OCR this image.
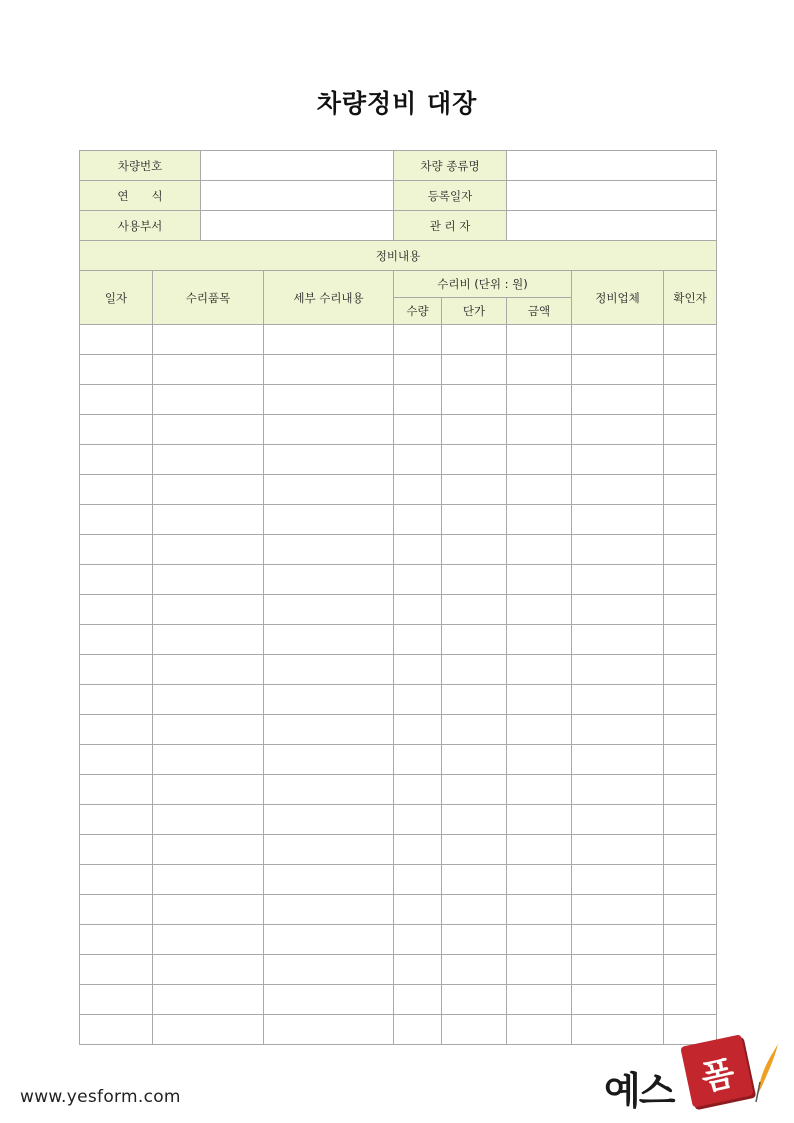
차량정비 대장
차량번호				차량 종류명				
연　　식				등록일자				
사용부서				관 리 자				
정비내용								
일자	수리품목		세부 수리내용	수리비 (단위 : 원)			정비업체	확인자
				수량	단가	금액		

www.yesform.com	예스 폼
